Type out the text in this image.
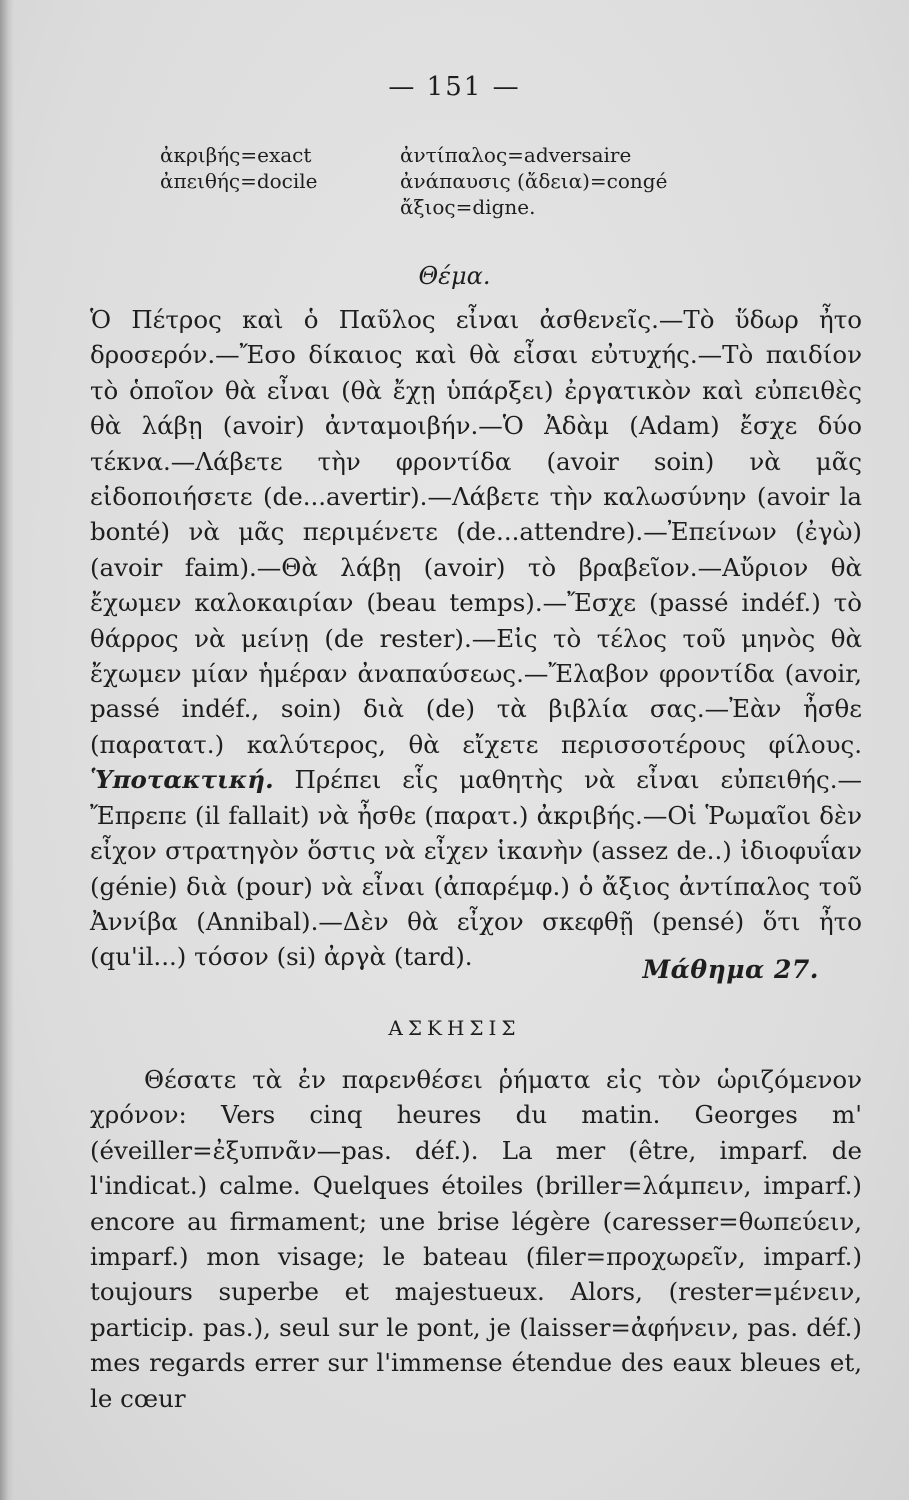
— 151 —
ἀκριβής=exact
ἀπειθής=docile
ἀντίπαλος=adversaire
ἀνάπαυσις (ἄδεια)=congé
ἄξιος=digne.
Θέμα.

Ὁ Πέτρος καὶ ὁ Παῦλος εἶναι ἀσθενεῖς.—Τὸ ὕδωρ ἦτο δροσερόν.—Ἔσο δίκαιος καὶ θὰ εἶσαι εὐτυχής.—Τὸ παιδίον τὸ ὁποῖον θὰ εἶναι (θὰ ἔχῃ ὑπάρξει) ἐργατικὸν καὶ εὐπειθὲς θὰ λάβῃ (avoir) ἀνταμοιβήν.—Ὁ Ἀδὰμ (Adam) ἔσχε δύο τέκνα.—Λάβετε τὴν φροντίδα (avoir soin) νὰ μᾶς εἰδοποιήσετε (de...avertir).—Λάβετε τὴν καλωσύνην (avoir la bonté) νὰ μᾶς περιμένετε (de...attendre).—Ἐπείνων (ἐγὼ) (avoir faim).—Θὰ λάβῃ (avoir) τὸ βραβεῖον.—Αὔριον θὰ ἔχωμεν καλοκαιρίαν (beau temps).—Ἔσχε (passé indéf.) τὸ θάρρος νὰ μείνῃ (de rester).—Εἰς τὸ τέλος τοῦ μηνὸς θὰ ἔχωμεν μίαν ἡμέραν ἀναπαύσεως.—Ἔλαβον φροντίδα (avoir, passé indéf., soin) διὰ (de) τὰ βιβλία σας.—Ἐὰν ἦσθε (παρατατ.) καλύτερος, θὰ εἴχετε περισσοτέρους φίλους. Ὑποτακτική. Πρέπει εἷς μαθητὴς νὰ εἶναι εὐπειθής.—Ἔπρεπε (il fallait) νὰ ἦσθε (παρατ.) ἀκριβής.—Οἱ Ῥωμαῖοι δὲν εἶχον στρατηγὸν ὅστις νὰ εἶχεν ἱκανὴν (assez de..) ἰδιοφυΐαν (génie) διὰ (pour) νὰ εἶναι (ἀπαρέμφ.) ὁ ἄξιος ἀντίπαλος τοῦ Ἀννίβα (Annibal).—Δὲν θὰ εἶχον σκεφθῇ (pensé) ὅτι ἦτο (qu'il...) τόσον (si) ἀργὰ (tard).	Μάθημα 27.
ΑΣΚΗΣΙΣ

Θέσατε τὰ ἐν παρενθέσει ῥήματα εἰς τὸν ὡριζόμενον χρόνον: Vers cinq heures du matin. Georges m' (éveiller=ἐξυπνᾶν—pas. déf.). La mer (être, imparf. de l'indicat.) calme. Quelques étoiles (briller=λάμπειν, imparf.) encore au firmament; une brise légère (caresser=θωπεύειν, imparf.) mon visage; le bateau (filer=προχωρεῖν, imparf.) toujours superbe et majestueux. Alors, (rester=μένειν, particip. pas.), seul sur le pont, je (laisser=ἀφήνειν, pas. déf.) mes regards errer sur l'immense étendue des eaux bleues et, le cœur
